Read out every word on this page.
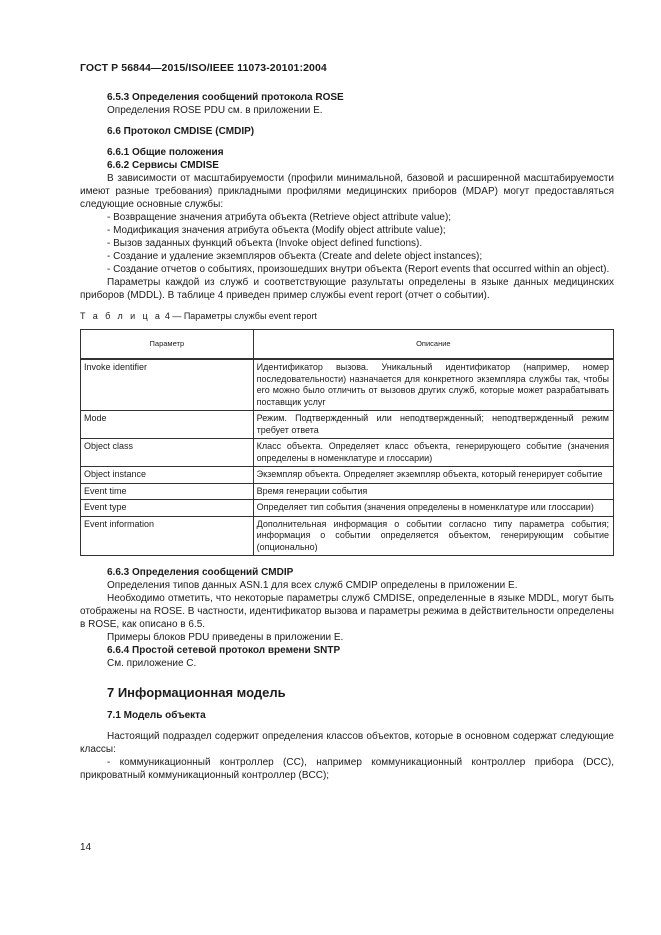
ГОСТ Р 56844—2015/ISO/IEEE 11073-20101:2004

6.5.3 Определения сообщений протокола ROSE

Определения ROSE PDU см. в приложении E.

6.6 Протокол CMDISE (CMDIP)

6.6.1 Общие положения

6.6.2 Сервисы CMDISE

В зависимости от масштабируемости (профили минимальной, базовой и расширенной масштабируемости имеют разные требования) прикладными профилями медицинских приборов (MDAP) могут предоставляться следующие основные службы:

- Возвращение значения атрибута объекта (Retrieve object attribute value);

- Модификация значения атрибута объекта (Modify object attribute value);

- Вызов заданных функций объекта (Invoke object defined functions).

- Создание и удаление экземпляров объекта (Create and delete object instances);

- Создание отчетов о событиях, произошедших внутри объекта (Report events that occurred within an object).

Параметры каждой из служб и соответствующие разультаты определены в языке данных медицинских приборов (MDDL). В таблице 4 приведен пример службы event report (отчет о событии).

Т а б л и ц а 4 — Параметры службы event report

Параметр	Описание
Invoke identifier	Идентификатор вызова. Уникальный идентификатор (например, номер последовательности) назначается для конкретного экземпляра службы так, чтобы его можно было отличить от вызовов других служб, которые может разрабатывать поставщик услуг
Mode	Режим. Подтвержденный или неподтвержденный; неподтвержденный режим требует ответа
Object class	Класс объекта. Определяет класс объекта, генерирующего событие (значения определены в номенклатуре и глоссарии)
Object instance	Экземпляр объекта. Определяет экземпляр объекта, который генерирует событие
Event time	Время генерации события
Event type	Определяет тип события (значения определены в номенклатуре или глоссарии)
Event information	Дополнительная информация о событии согласно типу параметра события; информация о событии определяется объектом, генерирующим событие (опционально)

6.6.3 Определения сообщений CMDIP

Определения типов данных ASN.1 для всех служб CMDIP определены в приложении E.

Необходимо отметить, что некоторые параметры служб CMDISE, определенные в языке MDDL, могут быть отображены на ROSE. В частности, идентификатор вызова и параметры режима в действительности определены в ROSE, как описано в 6.5.

Примеры блоков PDU приведены в приложении E.

6.6.4 Простой сетевой протокол времени SNTP

См. приложение C.

7 Информационная модель

7.1 Модель объекта

Настоящий подраздел содержит определения классов объектов, которые в основном содержат следующие классы:

- коммуникационный контроллер (CC), например коммуникационный контроллер прибора (DCC), прикроватный коммуникационный контроллер (BCC);

14
